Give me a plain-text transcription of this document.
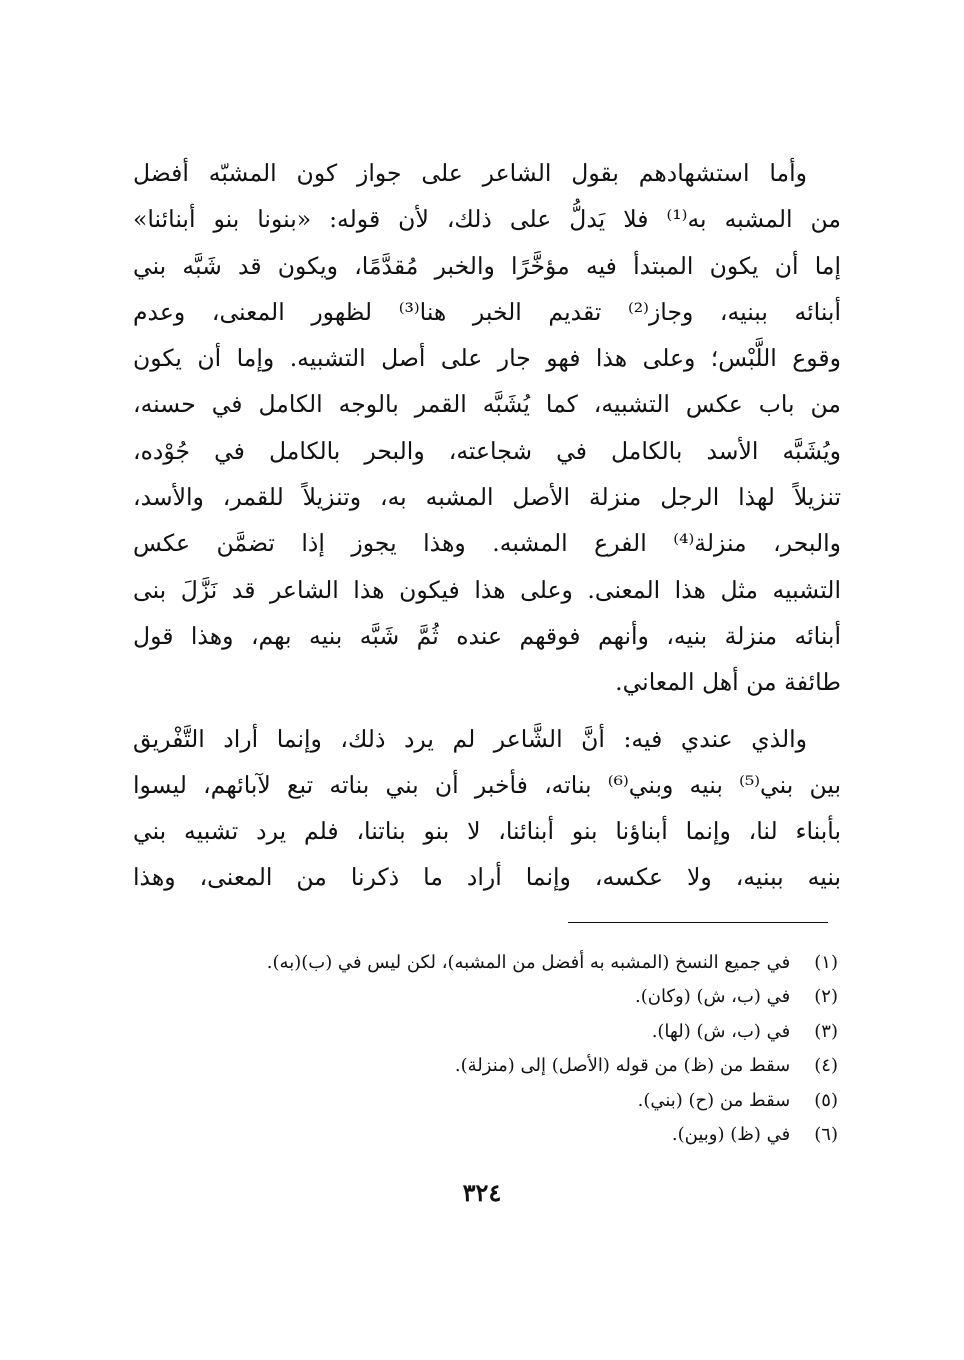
وأما استشهادهم بقول الشاعر على جواز كون المشبّه أفضل
من المشبه به⁽¹⁾ فلا يَدلُّ على ذلك، لأن قوله: «بنونا بنو أبنائنا»
إما أن يكون المبتدأ فيه مؤخَّرًا والخبر مُقدَّمًا، ويكون قد شَبَّه بني
أبنائه ببنيه، وجاز⁽²⁾ تقديم الخبر هنا⁽³⁾ لظهور المعنى، وعدم
وقوع اللَّبْس؛ وعلى هذا فهو جار على أصل التشبيه. وإما أن يكون
من باب عكس التشبيه، كما يُشَبَّه القمر بالوجه الكامل في حسنه،
ويُشَبَّه الأسد بالكامل في شجاعته، والبحر بالكامل في جُوْده،
تنزيلاً لهذا الرجل منزلة الأصل المشبه به، وتنزيلاً للقمر، والأسد،
والبحر، منزلة⁽⁴⁾ الفرع المشبه. وهذا يجوز إذا تضمَّن عكس
التشبيه مثل هذا المعنى. وعلى هذا فيكون هذا الشاعر قد نَزَّلَ بنى
أبنائه منزلة بنيه، وأنهم فوقهم عنده ثُمَّ شَبَّه بنيه بهم، وهذا قول
طائفة من أهل المعاني.
والذي عندي فيه: أنَّ الشَّاعر لم يرد ذلك، وإنما أراد التَّفْريق
بين بني⁽⁵⁾ بنيه وبني⁽⁶⁾ بناته، فأخبر أن بني بناته تبع لآبائهم، ليسوا
بأبناء لنا، وإنما أبناؤنا بنو أبنائنا، لا بنو بناتنا، فلم يرد تشبيه بني
بنيه ببنيه، ولا عكسه، وإنما أراد ما ذكرنا من المعنى، وهذا
(١) في جميع النسخ (المشبه به أفضل من المشبه)، لكن ليس في (ب)(به).
(٢) في (ب، ش) (وكان).
(٣) في (ب، ش) (لها).
(٤) سقط من (ظ) من قوله (الأصل) إلى (منزلة).
(٥) سقط من (ح) (بني).
(٦) في (ظ) (وبين).
٣٢٤
